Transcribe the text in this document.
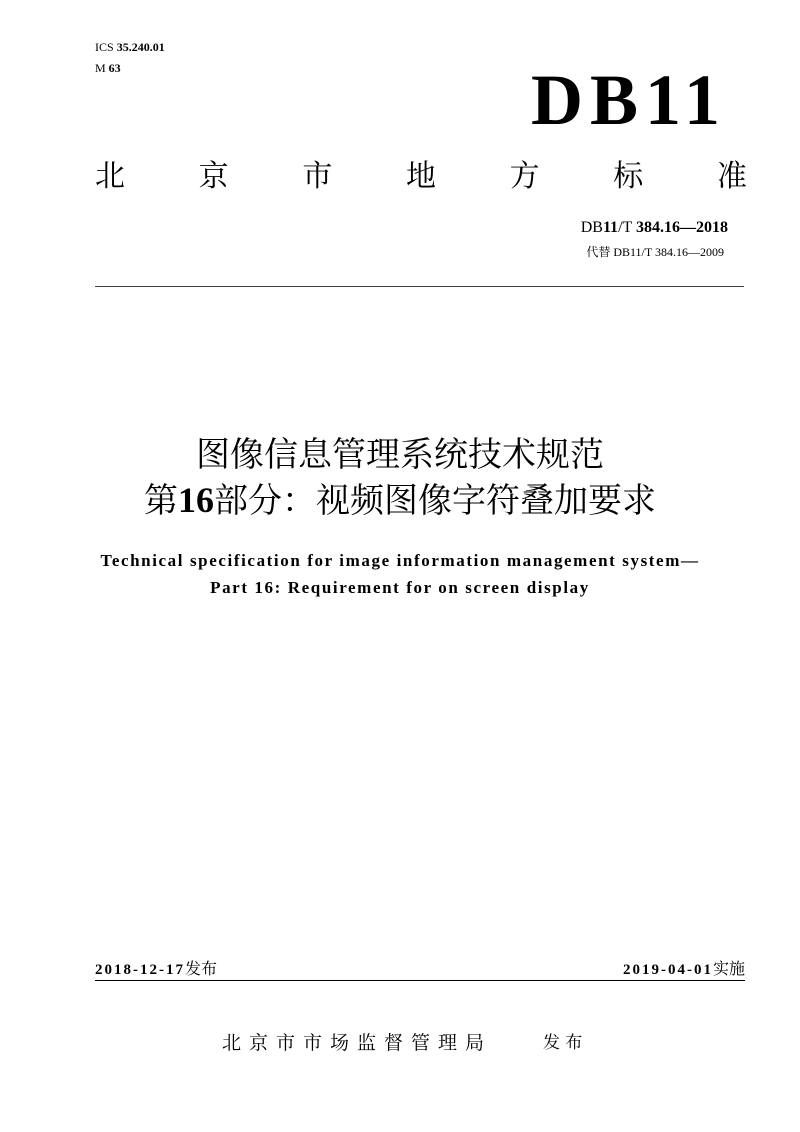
ICS 35.240.01
M 63	DB11
北 京 市 地 方 标 准
DB11/T 384.16—2018
代替 DB11/T 384.16—2009
图像信息管理系统技术规范
第16部分：视频图像字符叠加要求
Technical specification for image information management system—
Part 16: Requirement for on screen display
2018-12-17发布	2019-04-01实施
北京市市场监督管理局	发 布
